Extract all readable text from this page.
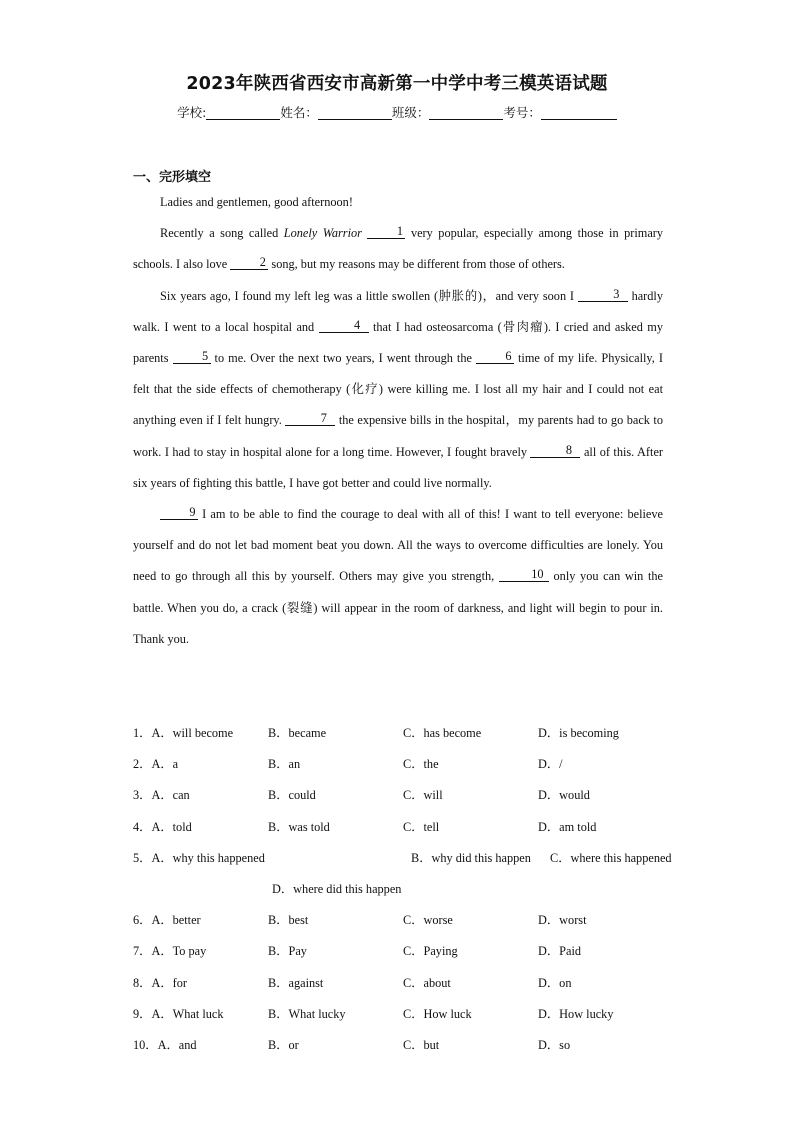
2023年陕西省西安市高新第一中学中考三模英语试题
学校:	姓名：	班级：	考号：
一、完形填空

Ladies and gentlemen, good afternoon!

Recently a song called Lonely Warrior	1 very popular, especially among those in primary schools. I also love 2 song, but my reasons may be different from those of others.

Six years ago, I found my left leg was a little swollen (肿胀的)，and very soon I	3 hardly walk. I went to a local hospital and	4 that I had osteosarcoma (骨肉瘤). I cried and asked my parents 5 to me. Over the next two years, I went through the 6 time of my life. Physically, I felt that the side effects of chemotherapy (化疗) were killing me. I lost all my hair and I could not eat anything even if I felt hungry.	7 the expensive bills in the hospital，my parents had to go back to work. I had to stay in hospital alone for a long time. However, I fought bravely	8 all of this. After six years of fighting this battle, I have got better and could live normally.

9 I am to be able to find the courage to deal with all of this! I want to tell everyone: believe yourself and do not let bad moment beat you down. All the ways to overcome difficulties are lonely. You need to go through all this by yourself. Others may give you strength,	10 only you can win the battle. When you do, a crack (裂缝) will appear in the room of darkness, and light will begin to pour in. Thank you.

1．A．will become	B．became	C．has become	D．is becoming
2．A．a	B．an	C．the	D．/
3．A．can	B．could	C．will	D．would
4．A．told	B．was told	C．tell	D．am told
5．A．why this happened	B．why did this happen	C．where this happened
D．where did this happen
6．A．better	B．best	C．worse	D．worst
7．A．To pay	B．Pay	C．Paying	D．Paid
8．A．for	B．against	C．about	D．on
9．A．What luck	B．What lucky	C．How luck	D．How lucky
10．A．and	B．or	C．but	D．so
